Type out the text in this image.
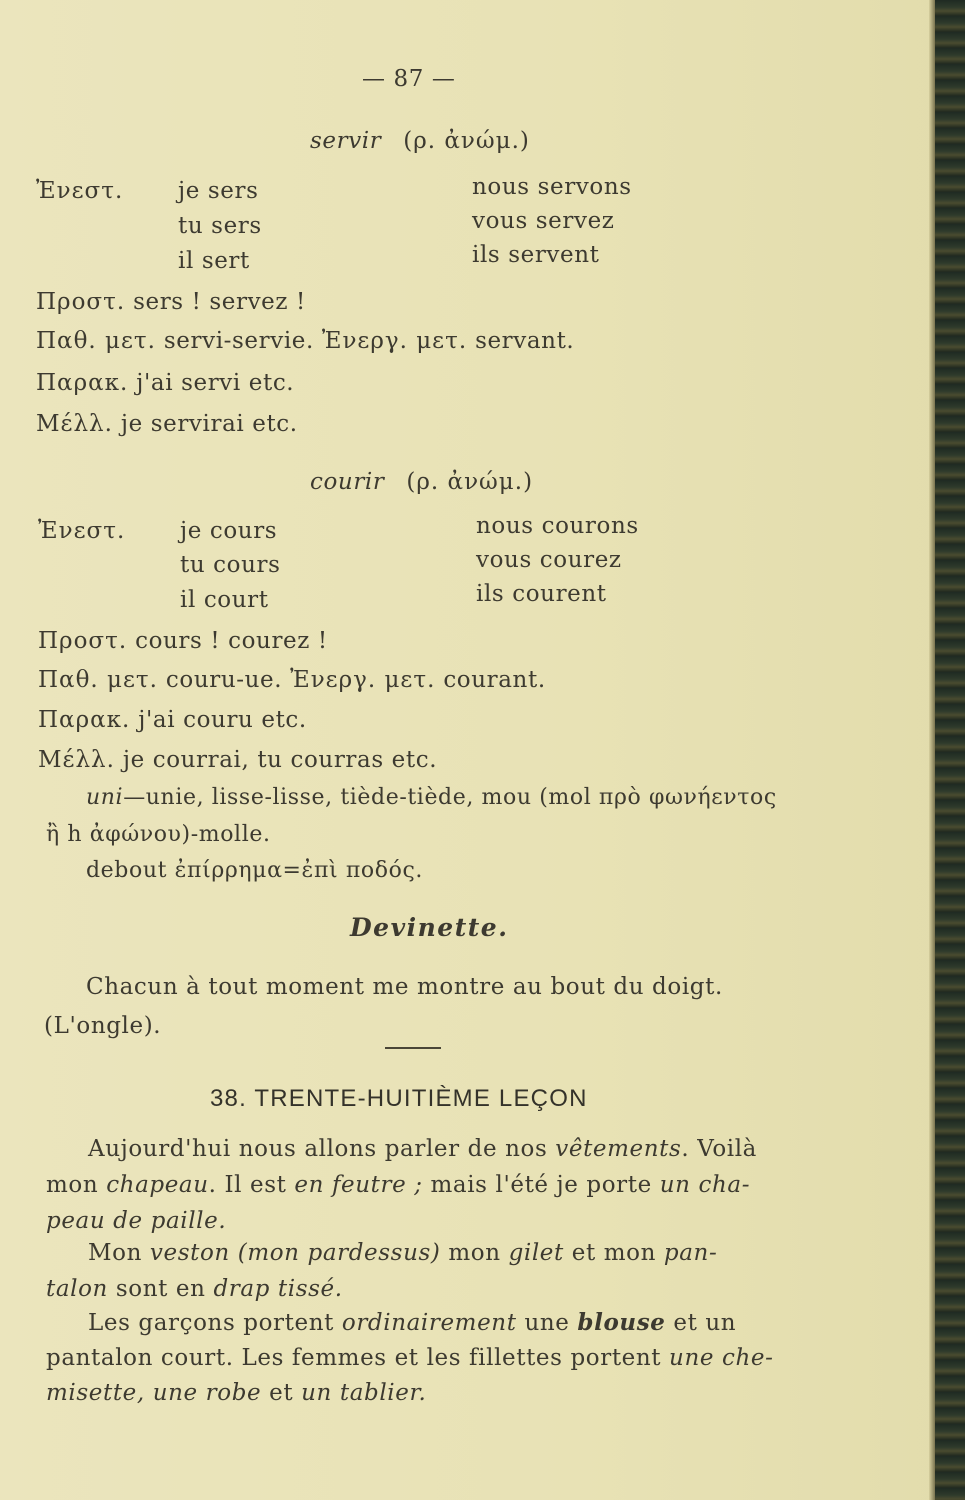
— 87 —
servir (ρ. ἀνώμ.)
Ἐνεστ. je sers
tu sers
il sert
nous servons
vous servez
ils servent
Προστ. sers ! servez !
Παθ. μετ. servi-servie. Ἐνεργ. μετ. servant.
Παρακ. j'ai servi etc.
Μέλλ. je servirai etc.
courir (ρ. ἀνώμ.)
Ἐνεστ. je cours
tu cours
il court
nous courons
vous courez
ils courent
Προστ. cours ! courez !
Παθ. μετ. couru-ue. Ἐνεργ. μετ. courant.
Παρακ. j'ai couru etc.
Μέλλ. je courrai, tu courras etc.
uni—unie, lisse-lisse, tiède-tiède, mou (mol πρὸ φωνήεντος
ἢ h ἀφώνου)-molle.
debout ἐπίρρημα=ἐπὶ ποδός.
Devinette.
Chacun à tout moment me montre au bout du doigt.
(L'ongle).
38. TRENTE-HUITIÈME LEÇON
Aujourd'hui nous allons parler de nos vêtements. Voilà
mon chapeau. Il est en feutre ; mais l'été je porte un cha-
peau de paille.
Mon veston (mon pardessus) mon gilet et mon pan-
talon sont en drap tissé.
Les garçons portent ordinairement une blouse et un
pantalon court. Les femmes et les fillettes portent une che-
misette, une robe et un tablier.
